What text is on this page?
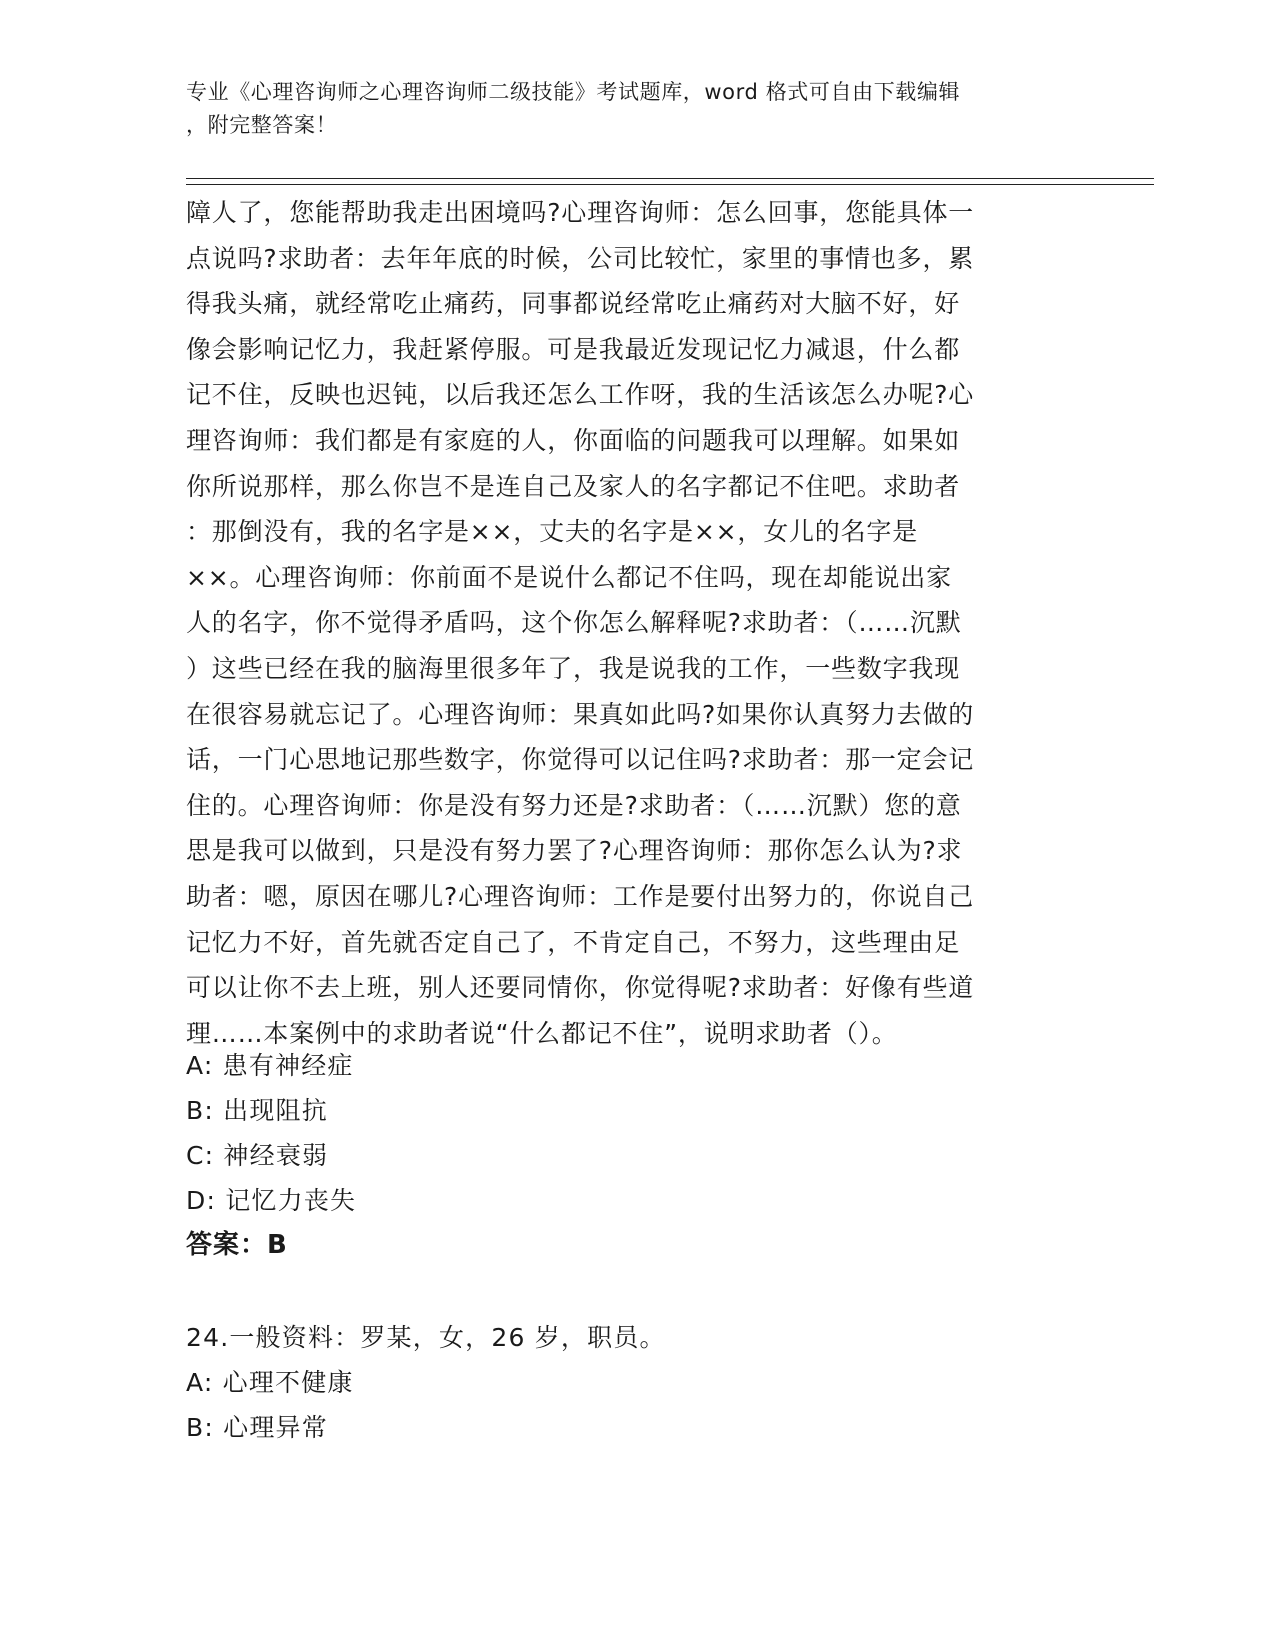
专业《心理咨询师之心理咨询师二级技能》考试题库，word 格式可自由下载编辑
，附完整答案！
障人了，您能帮助我走出困境吗?心理咨询师：怎么回事，您能具体一
点说吗?求助者：去年年底的时候，公司比较忙，家里的事情也多，累
得我头痛，就经常吃止痛药，同事都说经常吃止痛药对大脑不好，好
像会影响记忆力，我赶紧停服。可是我最近发现记忆力减退，什么都
记不住，反映也迟钝，以后我还怎么工作呀，我的生活该怎么办呢?心
理咨询师：我们都是有家庭的人，你面临的问题我可以理解。如果如
你所说那样，那么你岂不是连自己及家人的名字都记不住吧。求助者
：那倒没有，我的名字是××，丈夫的名字是××，女儿的名字是
××。心理咨询师：你前面不是说什么都记不住吗，现在却能说出家
人的名字，你不觉得矛盾吗，这个你怎么解释呢?求助者：（……沉默
）这些已经在我的脑海里很多年了，我是说我的工作，一些数字我现
在很容易就忘记了。心理咨询师：果真如此吗?如果你认真努力去做的
话，一门心思地记那些数字，你觉得可以记住吗?求助者：那一定会记
住的。心理咨询师：你是没有努力还是?求助者：（……沉默）您的意
思是我可以做到，只是没有努力罢了?心理咨询师：那你怎么认为?求
助者：嗯，原因在哪儿?心理咨询师：工作是要付出努力的，你说自己
记忆力不好，首先就否定自己了，不肯定自己，不努力，这些理由足
可以让你不去上班，别人还要同情你，你觉得呢?求助者：好像有些道
理……本案例中的求助者说“什么都记不住”，说明求助者（）。
A: 患有神经症
B: 出现阻抗
C: 神经衰弱
D: 记忆力丧失
答案：B
24.一般资料：罗某，女，26 岁，职员。
A: 心理不健康
B: 心理异常
